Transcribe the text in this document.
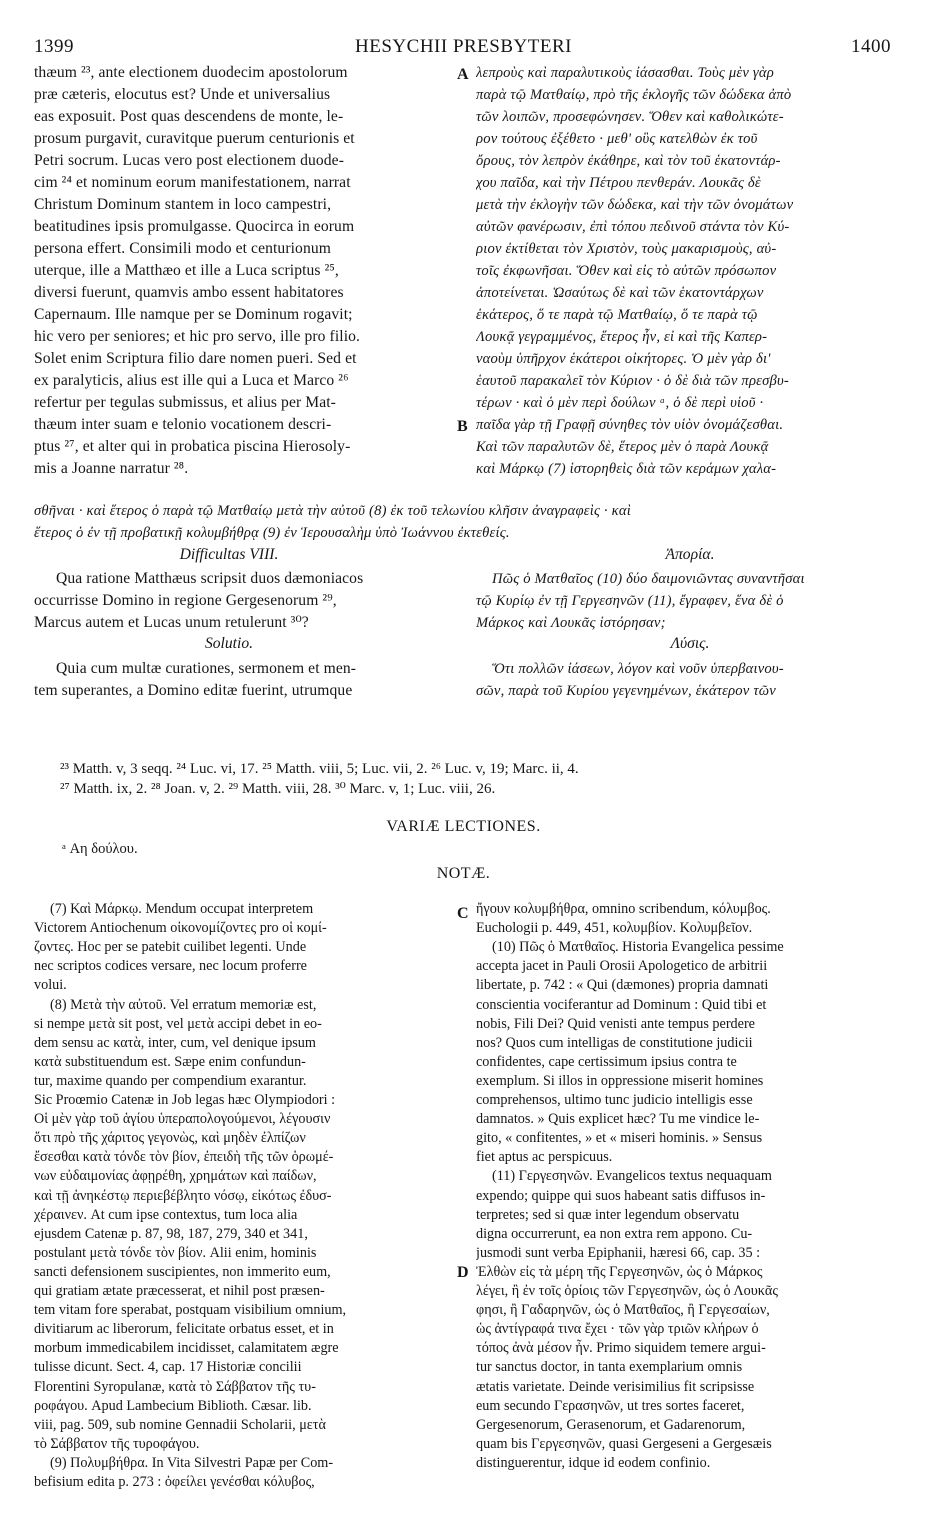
1399	HESYCHII PRESBYTERI	1400
thæum ²³, ante electionem duodecim apostolorum
præ cæteris, elocutus est? Unde et universalius
eas exposuit. Post quas descendens de monte, le-
prosum purgavit, curavitque puerum centurionis et
Petri socrum. Lucas vero post electionem duode-
cim ²⁴ et nominum eorum manifestationem, narrat
Christum Dominum stantem in loco campestri,
beatitudines ipsis promulgasse. Quocirca in eorum
persona effert. Consimili modo et centurionum
uterque, ille a Matthæo et ille a Luca scriptus ²⁵,
diversi fuerunt, quamvis ambo essent habitatores
Capernaum. Ille namque per se Dominum rogavit;
hic vero per seniores; et hic pro servo, ille pro filio.
Solet enim Scriptura filio dare nomen pueri. Sed et
ex paralyticis, alius est ille qui a Luca et Marco ²⁶
refertur per tegulas submissus, et alius per Mat-
thæum inter suam e telonio vocationem descri-
ptus ²⁷, et alter qui in probatica piscina Hierosoly-
mis a Joanne narratur ²⁸.
λεπροὺς καὶ παραλυτικοὺς ἰάσασθαι. Τοὺς μὲν γὰρ
παρὰ τῷ Ματθαίῳ, πρὸ τῆς ἐκλογῆς τῶν δώδεκα ἀπὸ
τῶν λοιπῶν, προσεφώνησεν. Ὅθεν καὶ καθολικώτε-
ρον τούτους ἐξέθετο · μεθ' οὓς κατελθὼν ἐκ τοῦ
ὄρους, τὸν λεπρὸν ἐκάθηρε, καὶ τὸν τοῦ ἑκατοντάρ-
χου παῖδα, καὶ τὴν Πέτρου πενθεράν. Λουκᾶς δὲ
μετὰ τὴν ἐκλογὴν τῶν δώδεκα, καὶ τὴν τῶν ὀνομάτων
αὐτῶν φανέρωσιν, ἐπὶ τόπου πεδινοῦ στάντα τὸν Κύ-
ριον ἐκτίθεται τὸν Χριστὸν, τοὺς μακαρισμοὺς, αὐ-
τοῖς ἐκφωνῆσαι. Ὅθεν καὶ εἰς τὸ αὐτῶν πρόσωπον
ἀποτείνεται. Ὡσαύτως δὲ καὶ τῶν ἑκατοντάρχων
ἑκάτερος, ὅ τε παρὰ τῷ Ματθαίῳ, ὅ τε παρὰ τῷ
Λουκᾷ γεγραμμένος, ἕτερος ἦν, εἰ καὶ τῆς Καπερ-
ναοὺμ ὑπῆρχον ἑκάτεροι οἰκήτορες. Ὁ μὲν γὰρ δι'
ἑαυτοῦ παρακαλεῖ τὸν Κύριον · ὁ δὲ διὰ τῶν πρεσβυ-
τέρων · καὶ ὁ μὲν περὶ δούλων ᵃ, ὁ δὲ περὶ υἱοῦ ·
παῖδα γὰρ τῇ Γραφῇ σύνηθες τὸν υἱὸν ὀνομάζεσθαι.
Καὶ τῶν παραλυτῶν δὲ, ἕτερος μὲν ὁ παρὰ Λουκᾷ
καὶ Μάρκῳ (7) ἱστορηθεὶς διὰ τῶν κεράμων χαλα-
σθῆναι · καὶ ἕτερος ὁ παρὰ τῷ Ματθαίῳ μετὰ τὴν αὐτοῦ (8) ἐκ τοῦ τελωνίου κλῆσιν ἀναγραφεὶς · καὶ
ἕτερος ὁ ἐν τῇ προβατικῇ κολυμβήθρᾳ (9) ἐν Ἱερουσαλὴμ ὑπὸ Ἰωάννου ἐκτεθείς.
Difficultas VIII.	Ἀπορία.
Qua ratione Matthæus scripsit duos dæmoniacos
occurrisse Domino in regione Gergesenorum ²⁹,
Marcus autem et Lucas unum retulerunt ³⁰?
Πῶς ὁ Ματθαῖος (10) δύο δαιμονιῶντας συναντῆσαι
τῷ Κυρίῳ ἐν τῇ Γεργεσηνῶν (11), ἔγραφεν, ἕνα δὲ ὁ
Μάρκος καὶ Λουκᾶς ἱστόρησαν;
Solutio.	Λύσις.
Quia cum multæ curationes, sermonem et men-
tem superantes, a Domino editæ fuerint, utrumque
Ὅτι πολλῶν ἰάσεων, λόγον καὶ νοῦν ὑπερβαινου-
σῶν, παρὰ τοῦ Κυρίου γεγενημένων, ἑκάτερον τῶν
A
B
C
D
²³ Matth. v, 3 seqq. ²⁴ Luc. vi, 17. ²⁵ Matth. viii, 5; Luc. vii, 2. ²⁶ Luc. v, 19; Marc. ii, 4.
²⁷ Matth. ix, 2. ²⁸ Joan. v, 2. ²⁹ Matth. viii, 28. ³⁰ Marc. v, 1; Luc. viii, 26.
VARIÆ LECTIONES.
ᵃ Αη δούλου.
NOTÆ.
(7) Καὶ Μάρκῳ. Mendum occupat interpretem
Victorem Antiochenum οἰκονομίζοντες pro οἱ κομί-
ζοντες. Hoc per se patebit cuilibet legenti. Unde
nec scriptos codices versare, nec locum proferre
volui.
(8) Μετὰ τὴν αὐτοῦ. Vel erratum memoriæ est,
si nempe μετὰ sit post, vel μετὰ accipi debet in eo-
dem sensu ac κατὰ, inter, cum, vel denique ipsum
κατὰ substituendum est. Sæpe enim confundun-
tur, maxime quando per compendium exarantur.
Sic Proœmio Catenæ in Job legas hæc Olympiodori :
Οἱ μὲν γὰρ τοῦ ἁγίου ὑπεραπολογούμενοι, λέγουσιν
ὅτι πρὸ τῆς χάριτος γεγονὼς, καὶ μηδὲν ἐλπίζων
ἔσεσθαι κατὰ τόνδε τὸν βίον, ἐπειδὴ τῆς τῶν ὁρωμέ-
νων εὐδαιμονίας ἀφῃρέθη, χρημάτων καὶ παίδων,
καὶ τῇ ἀνηκέστῳ περιεβέβλητο νόσῳ, εἰκότως ἐδυσ-
χέραινεν. At cum ipse contextus, tum loca alia
ejusdem Catenæ p. 87, 98, 187, 279, 340 et 341,
postulant μετὰ τόνδε τὸν βίον. Alii enim, hominis
sancti defensionem suscipientes, non immerito eum,
qui gratiam ætate præcesserat, et nihil post præsen-
tem vitam fore sperabat, postquam visibilium omnium,
divitiarum ac liberorum, felicitate orbatus esset, et in
morbum immedicabilem incidisset, calamitatem ægre
tulisse dicunt. Sect. 4, cap. 17 Historiæ concilii
Florentini Syropulanæ, κατὰ τὸ Σάββατον τῆς τυ-
ροφάγου. Apud Lambecium Biblioth. Cæsar. lib.
viii, pag. 509, sub nomine Gennadii Scholarii, μετὰ
τὸ Σάββατον τῆς τυροφάγου.
(9) Πολυμβήθρα. In Vita Silvestri Papæ per Com-
befisium edita p. 273 : ὀφείλει γενέσθαι κόλυβος,
ἤγουν κολυμβήθρα, omnino scribendum, κόλυμβος.
Euchologii p. 449, 451, κολυμβίον. Κολυμβεῖον.
(10) Πῶς ὁ Ματθαῖος. Historia Evangelica pessime
accepta jacet in Pauli Orosii Apologetico de arbitrii
libertate, p. 742 : « Qui (dæmones) propria damnati
conscientia vociferantur ad Dominum : Quid tibi et
nobis, Fili Dei? Quid venisti ante tempus perdere
nos? Quos cum intelligas de constitutione judicii
confidentes, cape certissimum ipsius contra te
exemplum. Si illos in oppressione miserit homines
comprehensos, ultimo tunc judicio intelligis esse
damnatos. » Quis explicet hæc? Tu me vindice le-
gito, « confitentes, » et « miseri hominis. » Sensus
fiet aptus ac perspicuus.
(11) Γεργεσηνῶν. Evangelicos textus nequaquam
expendo; quippe qui suos habeant satis diffusos in-
terpretes; sed si quæ inter legendum observatu
digna occurrerunt, ea non extra rem appono. Cu-
jusmodi sunt verba Epiphanii, hæresi 66, cap. 35 :
Ἐλθὼν εἰς τὰ μέρη τῆς Γεργεσηνῶν, ὡς ὁ Μάρκος
λέγει, ἢ ἐν τοῖς ὁρίοις τῶν Γεργεσηνῶν, ὡς ὁ Λουκᾶς
φησι, ἢ Γαδαρηνῶν, ὡς ὁ Ματθαῖος, ἢ Γεργεσαίων,
ὡς ἀντίγραφά τινα ἔχει · τῶν γὰρ τριῶν κλήρων ὁ
τόπος ἀνὰ μέσον ἦν. Primo siquidem temere argui-
tur sanctus doctor, in tanta exemplarium omnis
ætatis varietate. Deinde verisimilius fit scripsisse
eum secundo Γερασηνῶν, ut tres sortes faceret,
Gergesenorum, Gerasenorum, et Gadarenorum,
quam bis Γεργεσηνῶν, quasi Gergeseni a Gergesæis
distinguerentur, idque id eodem confinio.
